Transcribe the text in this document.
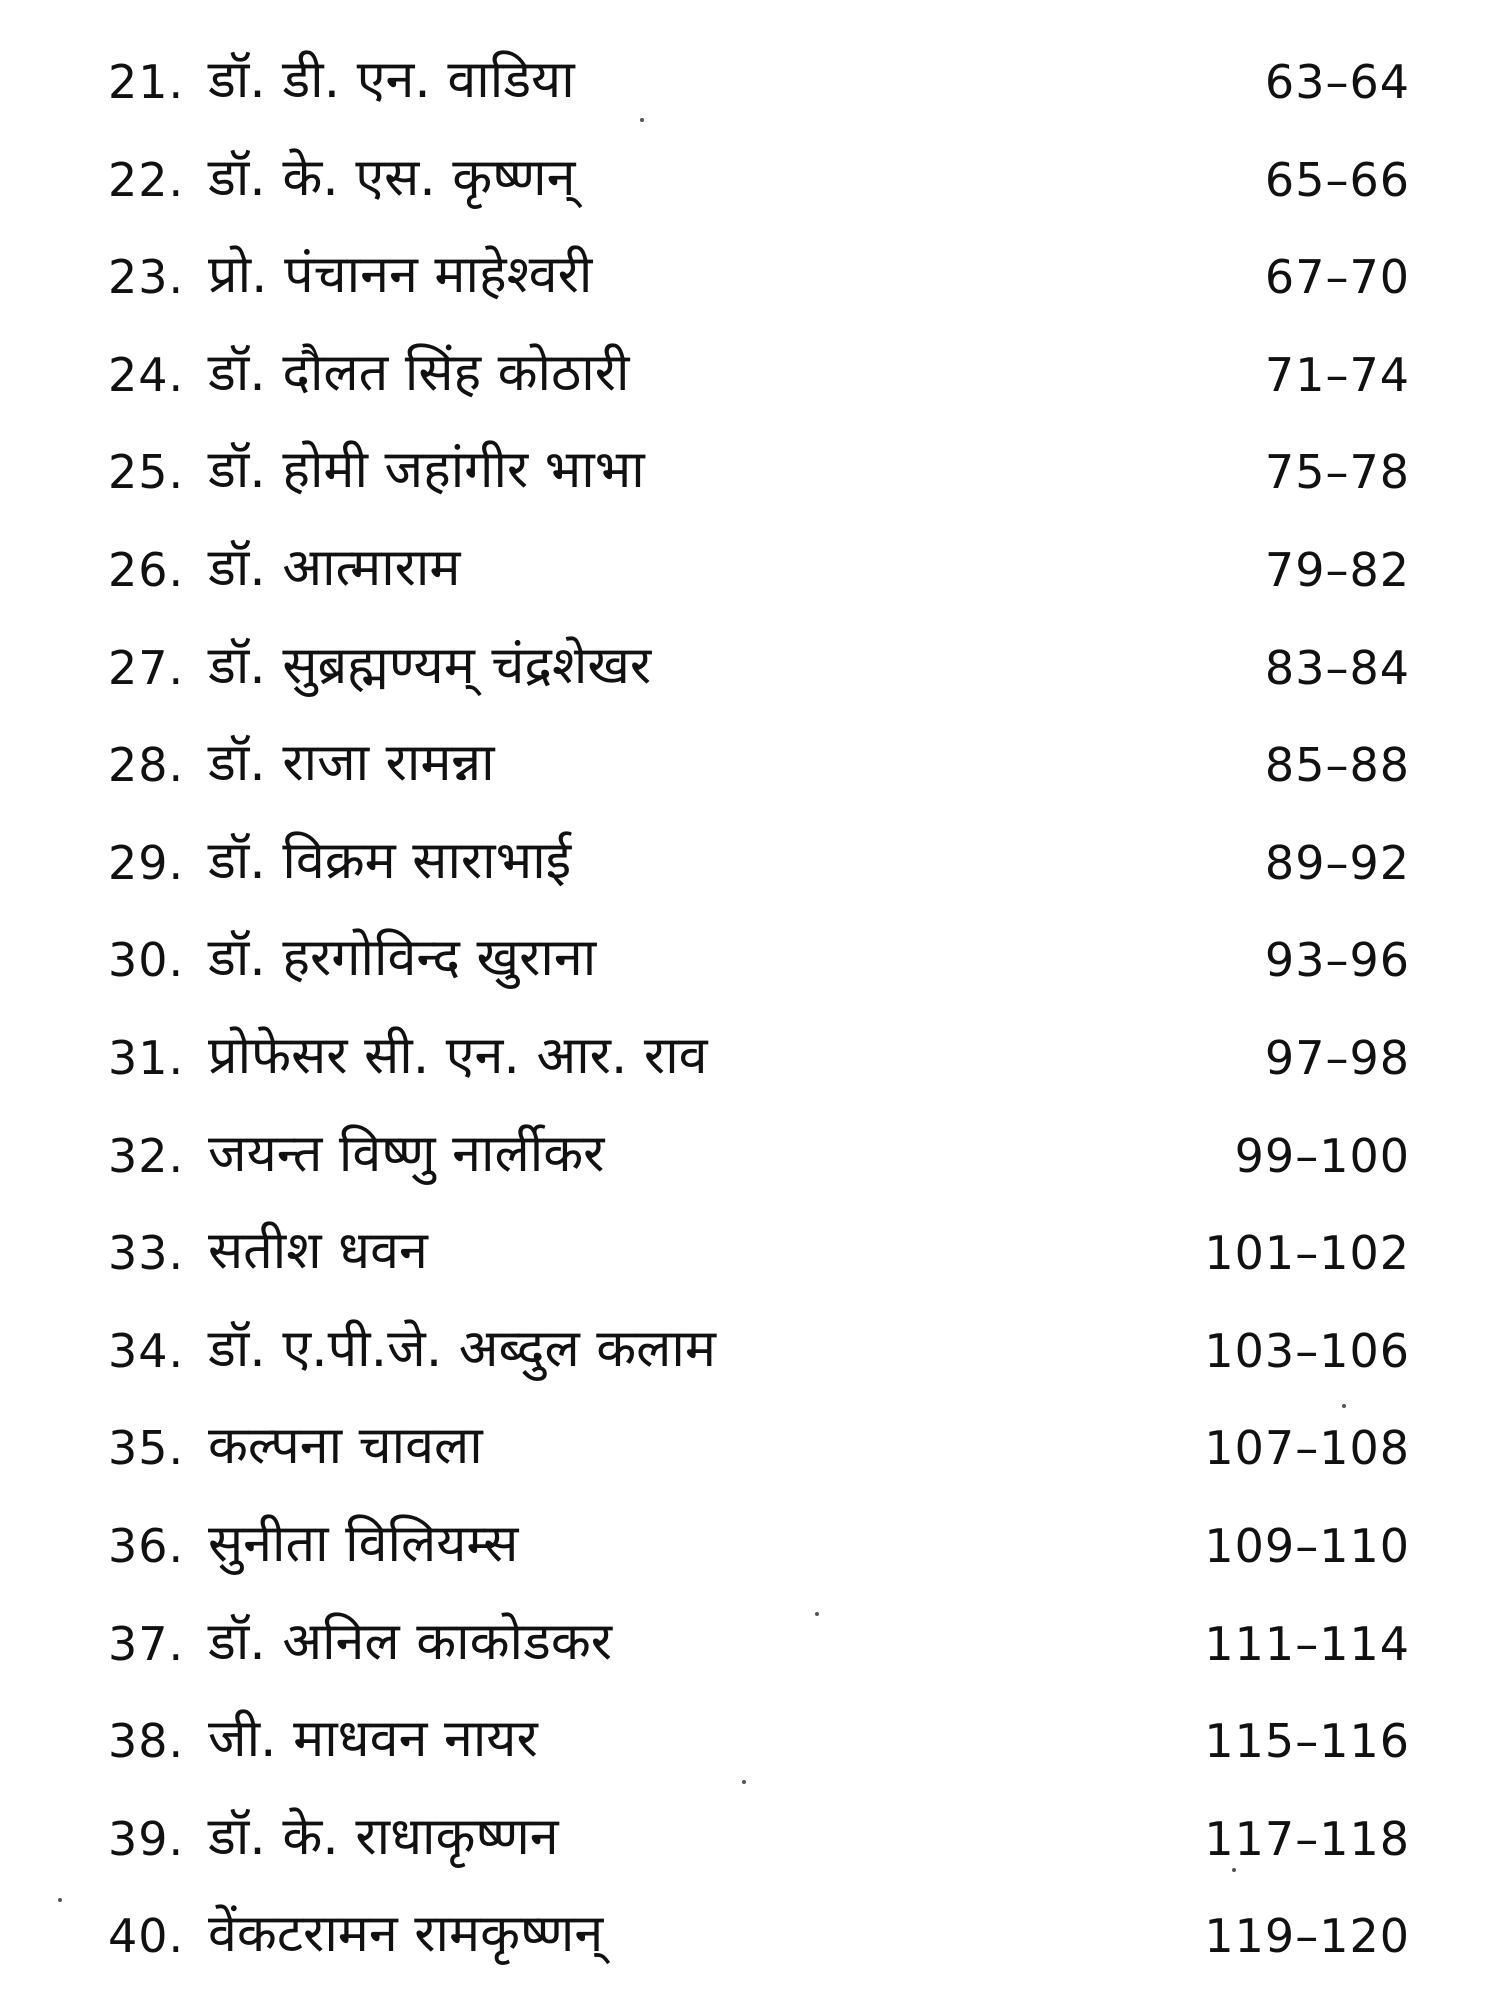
21. डॉ. डी. एन. वाडिया	63–64
22. डॉ. के. एस. कृष्णन्	65–66
23. प्रो. पंचानन माहेश्वरी	67–70
24. डॉ. दौलत सिंह कोठारी	71–74
25. डॉ. होमी जहांगीर भाभा	75–78
26. डॉ. आत्माराम	79–82
27. डॉ. सुब्रह्मण्यम् चंद्रशेखर	83–84
28. डॉ. राजा रामन्ना	85–88
29. डॉ. विक्रम साराभाई	89–92
30. डॉ. हरगोविन्द खुराना	93–96
31. प्रोफेसर सी. एन. आर. राव	97–98
32. जयन्त विष्णु नार्लीकर	99–100
33. सतीश धवन	101–102
34. डॉ. ए.पी.जे. अब्दुल कलाम	103–106
35. कल्पना चावला	107–108
36. सुनीता विलियम्स	109–110
37. डॉ. अनिल काकोडकर	111–114
38. जी. माधवन नायर	115–116
39. डॉ. के. राधाकृष्णन	117–118
40. वेंकटरामन रामकृष्णन्	119–120
